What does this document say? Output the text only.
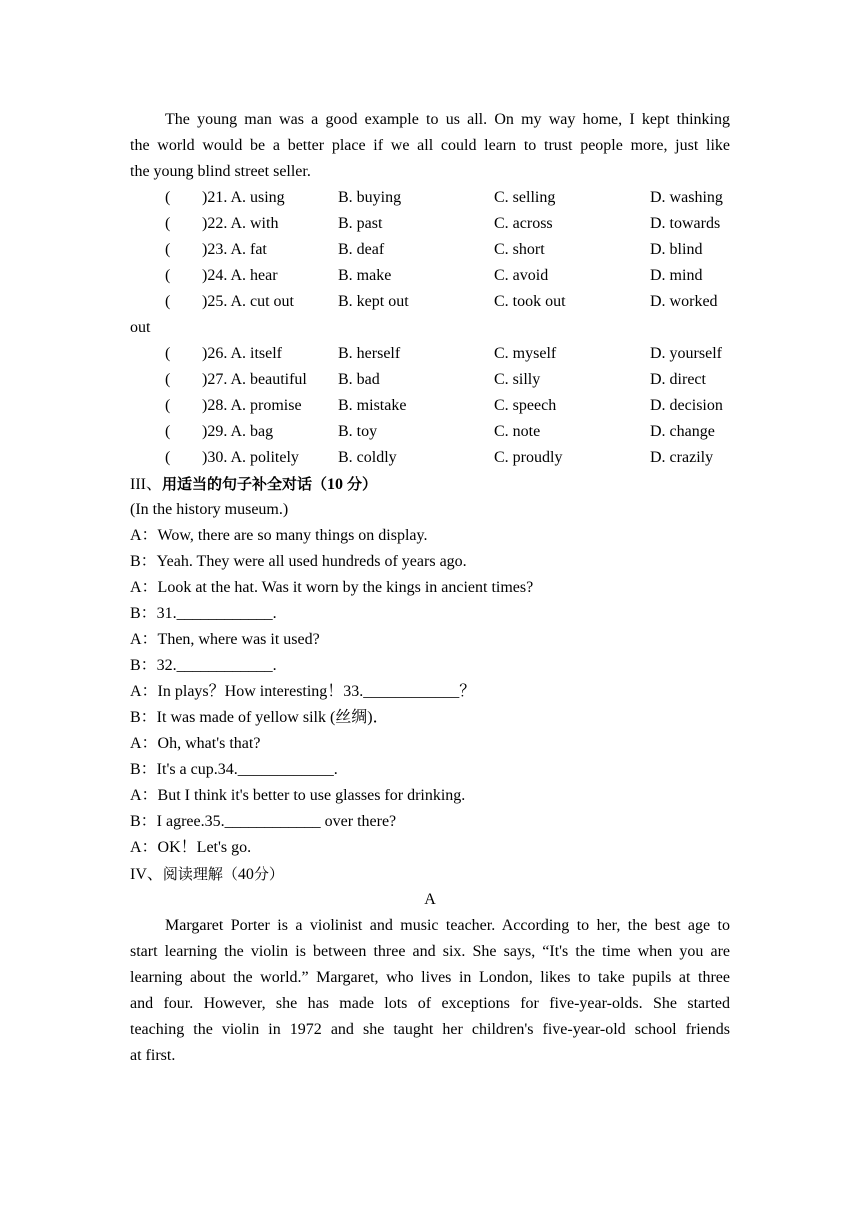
The young man was a good example to us all. On my way home, I kept thinking
the world would be a better place if we all could learn to trust people more, just like
the young blind street seller.
( )21. A. using	B. buying	C. selling	D. washing
( )22. A. with	B. past	C. across	D. towards
( )23. A. fat	B. deaf	C. short	D. blind
( )24. A. hear	B. make	C. avoid	D. mind
( )25. A. cut out	B. kept out	C. took out	D. worked
out
( )26. A. itself	B. herself	C. myself	D. yourself
( )27. A. beautiful B. bad	C. silly	D. direct
( )28. A. promise B. mistake	C. speech	D. decision
( )29. A. bag	B. toy	C. note	D. change
( )30. A. politely B. coldly	C. proudly	D. crazily
III、用适当的句子补全对话（10 分）
(In the history museum.)
A：Wow, there are so many things on display.
B：Yeah. They were all used hundreds of years ago.
A：Look at the hat. Was it worn by the kings in ancient times?
B：31.____________.
A：Then, where was it used?
B：32.____________.
A：In plays？How interesting！33.____________？
B：It was made of yellow silk (丝绸)．
A：Oh, what's that?
B：It's a cup.34.____________.
A：But I think it's better to use glasses for drinking.
B：I agree.35.____________ over there?
A：OK！Let's go.
IV、阅读理解（40分）
A
Margaret Porter is a violinist and music teacher. According to her, the best age to
start learning the violin is between three and six. She says, “It's the time when you are
learning about the world.” Margaret, who lives in London, likes to take pupils at three
and four. However, she has made lots of exceptions for five-year-olds. She started
teaching the violin in 1972 and she taught her children's five-year-old school friends
at first.
